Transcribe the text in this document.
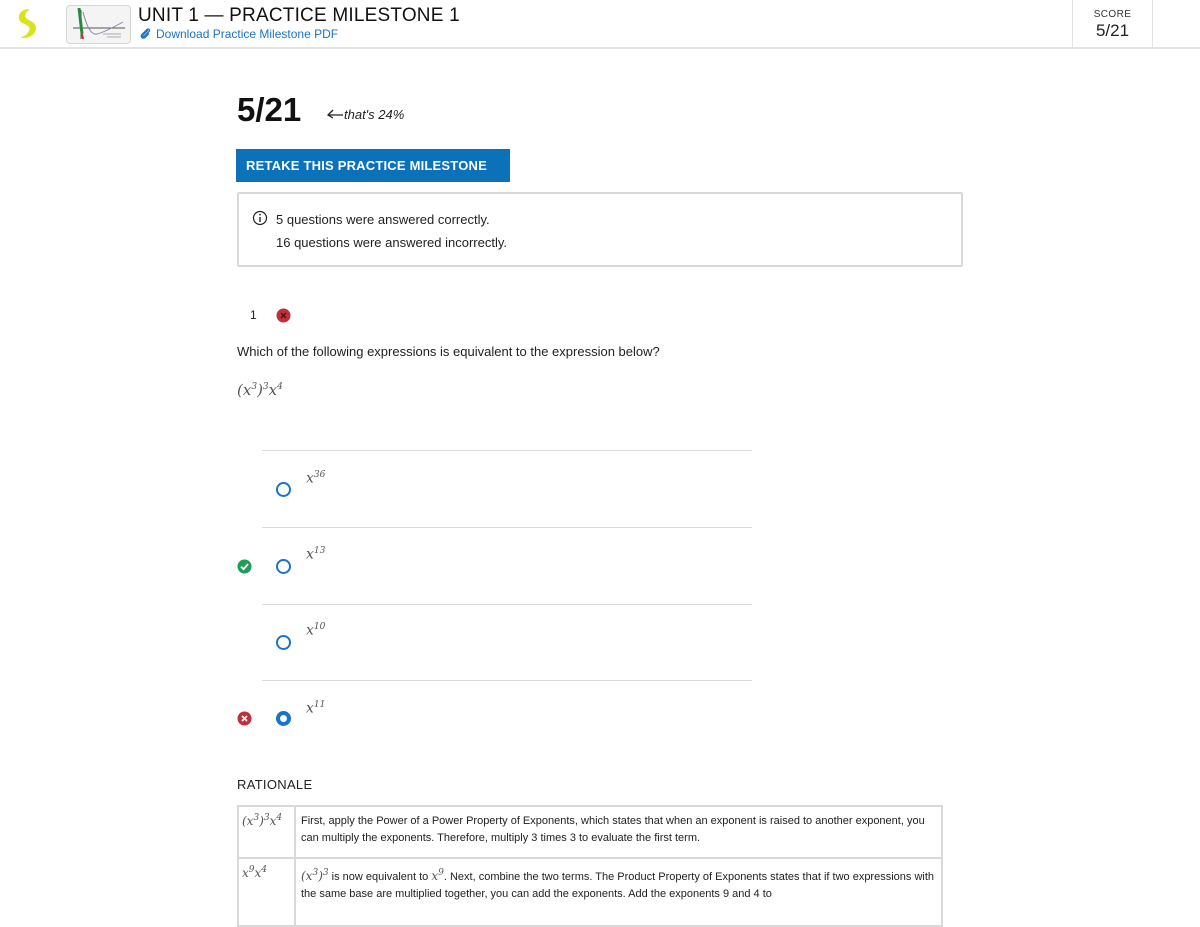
UNIT 1 — PRACTICE MILESTONE 1
Download Practice Milestone PDF
SCORE
5/21
5/21	that's 24%
RETAKE THIS PRACTICE MILESTONE
5 questions were answered correctly.
16 questions were answered incorrectly.
1
Which of the following expressions is equivalent to the expression below?
$(x^3)^3x^4$
$x^{36}$
$x^{13}$
$x^{10}$
$x^{11}$
RATIONALE
$(x^3)^3x^4$	First, apply the Power of a Power Property of Exponents, which states that when an exponent is raised to another exponent, you can multiply the exponents. Therefore, multiply 3 times 3 to evaluate the first term.
$x^9x^4$	$(x^3)^3$ is now equivalent to $x^9$. Next, combine the two terms. The Product Property of Exponents states that if two expressions with the same base are multiplied together, you can add the exponents. Add the exponents 9 and 4 to
